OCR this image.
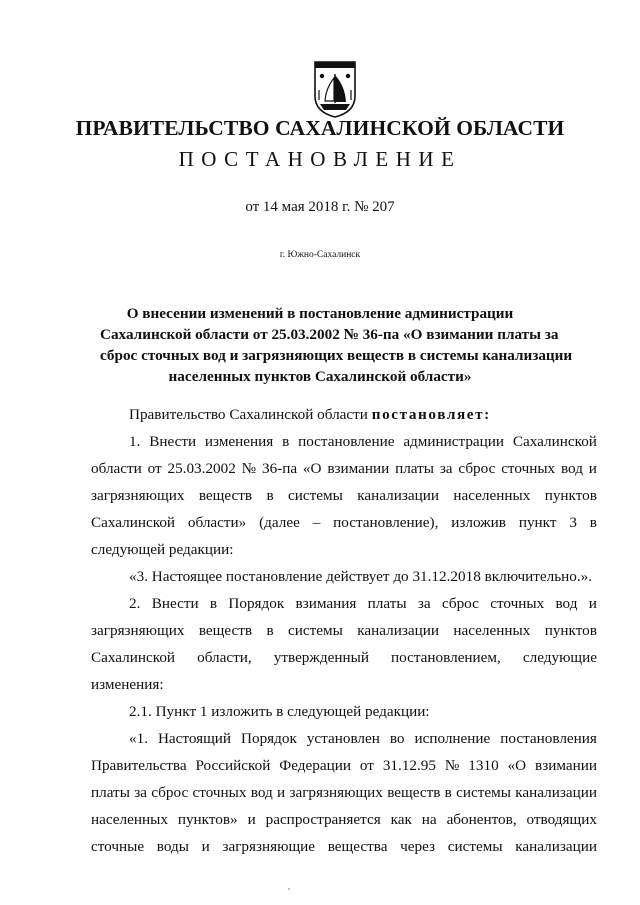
ПРАВИТЕЛЬСТВО САХАЛИНСКОЙ ОБЛАСТИ
ПОСТАНОВЛЕНИЕ
от 14 мая 2018 г. № 207
г. Южно-Сахалинск
О внесении изменений в постановление администрации
Сахалинской области от 25.03.2002 № 36-па «О взимании платы за
сброс сточных вод и загрязняющих веществ в системы канализации
населенных пунктов Сахалинской области»
Правительство Сахалинской области
постановляет:
1. Внести изменения в постановление администрации Сахалинской
области от 25.03.2002 № 36-па «О взимании платы за сброс сточных вод и
загрязняющих веществ в системы канализации населенных пунктов
Сахалинской области» (далее – постановление), изложив пункт 3 в
следующей редакции:
«3. Настоящее постановление действует до 31.12.2018 включительно.».
2. Внести в Порядок взимания платы за сброс сточных вод и
загрязняющих веществ в системы канализации населенных пунктов
Сахалинской области, утвержденный постановлением, следующие
изменения:
2.1. Пункт 1 изложить в следующей редакции:
«1. Настоящий Порядок установлен во исполнение постановления
Правительства Российской Федерации от 31.12.95 № 1310 «О взимании
платы за сброс сточных вод и загрязняющих веществ в системы канализации
населенных пунктов» и распространяется как на абонентов, отводящих
сточные воды и загрязняющие вещества через системы канализации
